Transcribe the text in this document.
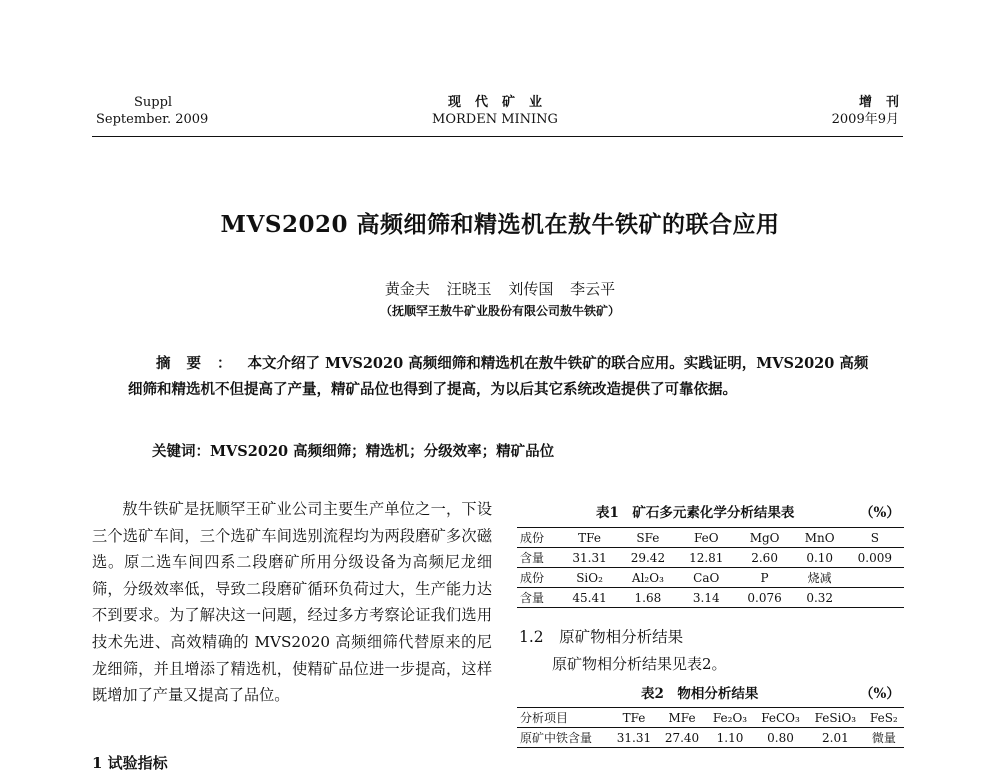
Suppl
September. 2009
现代矿业
MORDEN MINING
增刊
2009年9月
MVS2020 高频细筛和精选机在敖牛铁矿的联合应用
黄金夫 汪晓玉 刘传国 李云平
（抚顺罕王敖牛矿业股份有限公司敖牛铁矿）
摘要：本文介绍了 MVS2020 高频细筛和精选机在敖牛铁矿的联合应用。实践证明，MVS2020 高频细筛和精选机不但提高了产量，精矿品位也得到了提高，为以后其它系统改造提供了可靠依据。
关键词：MVS2020 高频细筛；精选机；分级效率；精矿品位

敖牛铁矿是抚顺罕王矿业公司主要生产单位之一，下设三个选矿车间，三个选矿车间选别流程均为两段磨矿多次磁选。原二选车间四系二段磨矿所用分级设备为高频尼龙细筛，分级效率低，导致二段磨矿循环负荷过大，生产能力达不到要求。为了解决这一问题，经过多方考察论证我们选用技术先进、高效精确的 MVS2020 高频细筛代替原来的尼龙细筛，并且增添了精选机，使精矿品位进一步提高，这样既增加了产量又提高了品位。

1 试验指标
表1　矿石多元素化学分析结果表	（%）
成份	TFe	SFe	FeO	MgO	MnO	S
含量	31.31	29.42	12.81	2.60	0.10	0.009
成份	SiO₂	Al₂O₃	CaO	P	烧减	
含量	45.41	1.68	3.14	0.076	0.32	
1.2　原矿物相分析结果
原矿物相分析结果见表2。
表2　物相分析结果	（%）
分析项目	TFe	MFe	Fe₂O₃	FeCO₃	FeSiO₃	FeS₂
原矿中铁含量	31.31	27.40	1.10	0.80	2.01	微量
